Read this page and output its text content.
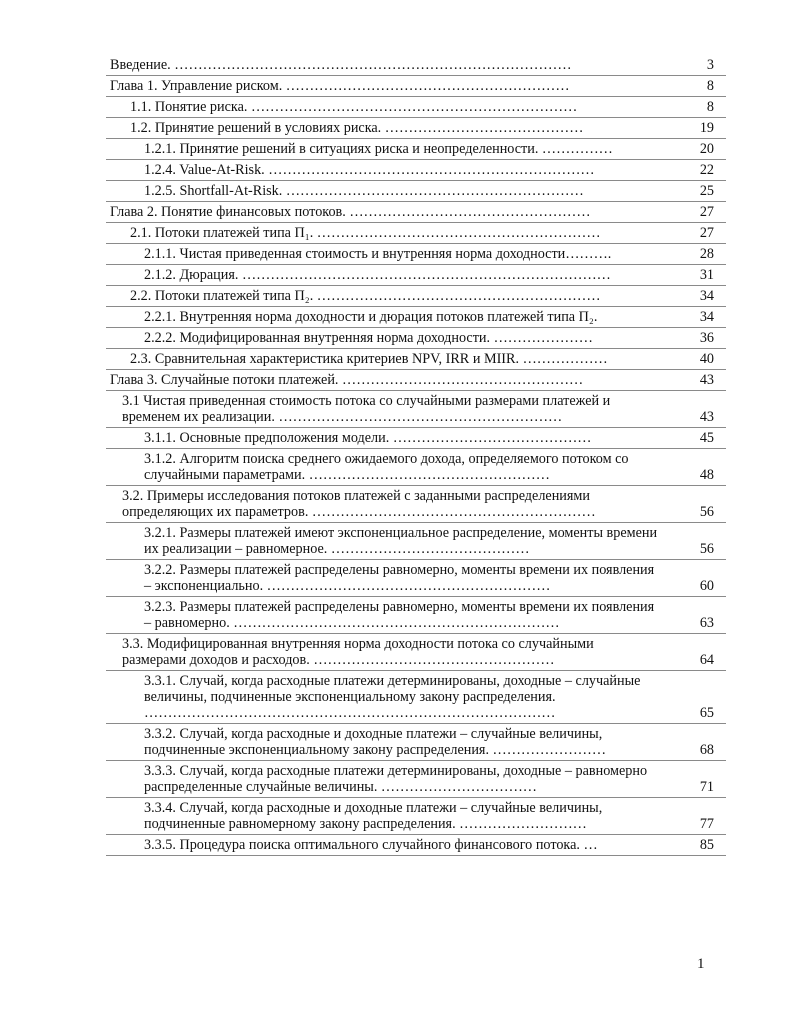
Введение. …………………………………………………………………………	3
Глава 1. Управление риском. ……………………………………………………	8
1.1. Понятие риска. ……………………………………………………………	8
1.2. Принятие решений в условиях риска. ……………………………………	19
1.2.1. Принятие решений в ситуациях риска и неопределенности. ……………	20
1.2.4. Value-At-Risk. ……………………………………………………………	22
1.2.5. Shortfall-At-Risk. ………………………………………………………	25
Глава 2. Понятие финансовых потоков. ……………………………………………	27
2.1. Потоки платежей типа П₁. ……………………………………………………	27
2.1.1. Чистая приведенная стоимость и внутренняя норма доходности……….	28
2.1.2. Дюрация. ……………………………………………………………………	31
2.2. Потоки платежей типа П₂. ……………………………………………………	34
2.2.1. Внутренняя норма доходности и дюрация потоков платежей типа П₂.	34
2.2.2. Модифицированная внутренняя норма доходности. …………………	36
2.3. Сравнительная характеристика критериев NPV, IRR и MIIR. ………………	40
Глава 3. Случайные потоки платежей. ……………………………………………	43
3.1 Чистая приведенная стоимость потока со случайными размерами платежей и временем их реализации. ……………………………………………………	43
3.1.1. Основные предположения модели. ……………………………………	45
3.1.2. Алгоритм поиска среднего ожидаемого дохода, определяемого потоком со случайными параметрами. ……………………………………………	48
3.2. Примеры исследования потоков платежей с заданными распределениями определяющих их параметров. ……………………………………………………	56
3.2.1. Размеры платежей имеют экспоненциальное распределение, моменты времени их реализации – равномерное. ……………………………………	56
3.2.2. Размеры платежей распределены равномерно, моменты времени их появления – экспоненциально. ……………………………………………………	60
3.2.3. Размеры платежей распределены равномерно, моменты времени их появления – равномерно. ……………………………………………………………	63
3.3. Модифицированная внутренняя норма доходности потока со случайными размерами доходов и расходов. ……………………………………………	64
3.3.1. Случай, когда расходные платежи детерминированы, доходные – случайные величины, подчиненные экспоненциальному закону распределения. ……………………………………………………………………………	65
3.3.2. Случай, когда расходные и доходные платежи – случайные величины, подчиненные экспоненциальному закону распределения. ……………………	68
3.3.3. Случай, когда расходные платежи детерминированы, доходные – равномерно распределенные случайные величины. ……………………………	71
3.3.4. Случай, когда расходные и доходные платежи – случайные величины, подчиненные равномерному закону распределения. ………………………	77
3.3.5. Процедура поиска оптимального случайного финансового потока. …	85
1
